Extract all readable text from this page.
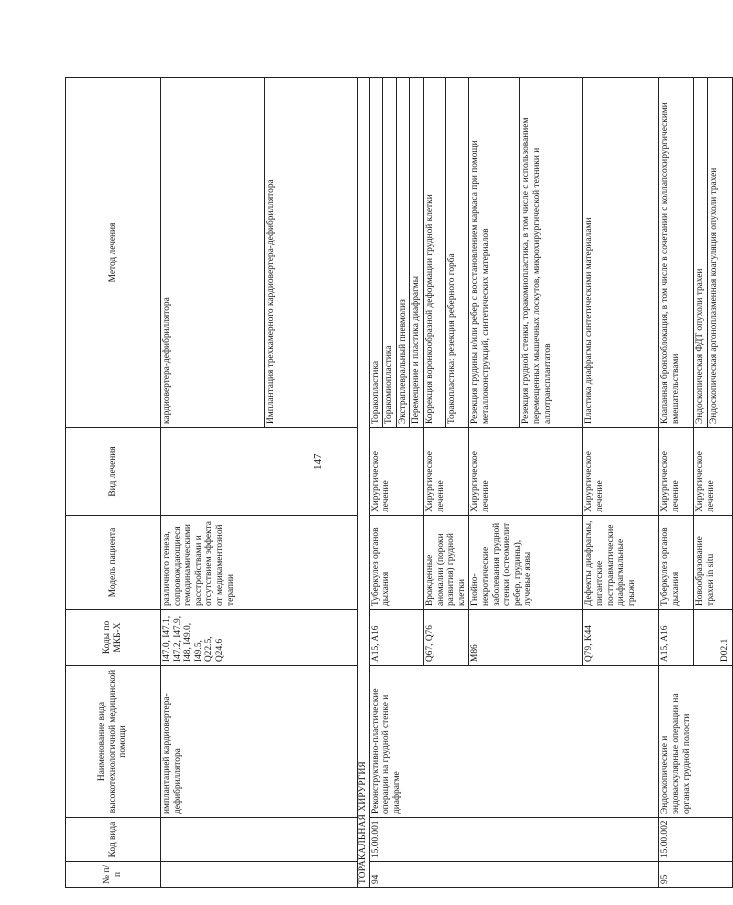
147
№ п/п	Код вида	Наименование вида высокотехнологичной медицинской помощи	Коды по МКБ-Х	Модель пациента	Вид лечения	Метод лечения
		имплантацией кардиовертера-дефибриллятора	I47.0, I47.1, I47.2, I47.9, I48, I49.0, I49.5, Q22.5, Q24.6	различного генеза, сопровождающиеся гемодинамическими расстройствами и отсутствием эффекта от медикаментозной терапии		кардиовертера-дефибриллятора
						Имплантация трехкамерного кардиовертера-дефибриллятора
ТОРАКАЛЬНАЯ ХИРУРГИЯ						
94	15.00.001	Реконструктивно-пластические операции на грудной стенке и диафрагме	A15, A16	Туберкулез органов дыхания	Хирургическое лечение	Торакопластика
						Торакомиопластика
						Экстраплевральный пневмолиз
						Перемещение и пластика диафрагмы
			Q67, Q76	Врожденные аномалии (пороки развития) грудной клетки	Хирургическое лечение	Коррекция воронкообразной деформации грудной клетки
						Торакопластика: резекция реберного горба
			M86	Гнойно-некротические заболевания грудной стенки (остеомиелит ребер, грудины), лучевые язвы	Хирургическое лечение	Резекция грудины и/или ребер с восстановлением каркаса при помощи металлоконструкций, синтетических материалов
						Резекция грудной стенки, торакомиопластика, в том числе с использованием перемещенных мышечных лоскутов, микрохирургической техники и аллотрансплантатов
			Q79, K44	Дефекты диафрагмы, пигантские посттравматические диафрагмальные грыжи	Хирургическое лечение	Пластика диафрагмы синтетическими материалами

95	15.00.002	Эндоскопические и эндоваскулярные операции на органах грудной полости	A15, A16	Туберкулез органов дыхания	Хирургическое лечение	Клапанная бронхоблокация, в том числе в сочетании с коллапсохирургическими вмешательствами
			D02.1	Новообразование трахеи in situ	Хирургическое лечение	Эндоскопическая ФДТ опухоли трахеи
						Эндоскопическая аргоноплазменная коагуляция опухоли трахеи
